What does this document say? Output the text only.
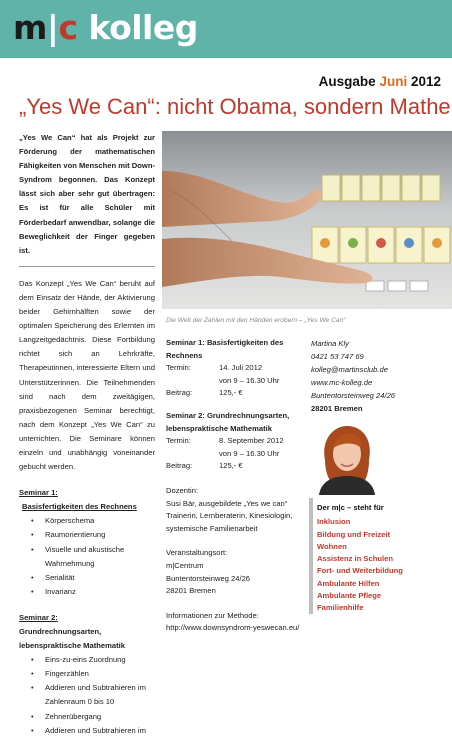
m|c kolleg
Ausgabe Juni 2012
„Yes We Can“: nicht Obama, sondern Mathe

„Yes We Can“ hat als Projekt zur Förderung der mathematischen Fähigkeiten von Menschen mit Down-Syndrom begonnen. Das Konzept lässt sich aber sehr gut übertragen: Es ist für alle Schüler mit Förderbedarf anwendbar, solange die Beweglichkeit der Finger gegeben ist.

Das Konzept „Yes We Can“ beruht auf dem Einsatz der Hände, der Aktivierung beider Gehirnhälften sowie der optimalen Speicherung des Erlernten im Langzeitgedächtnis. Diese Fortbildung richtet sich an Lehrkräfte, Therapeutinnen, interessierte Eltern und Unterstützerinnen. Die Teilnehmenden sind nach dem zweitägigen, praxisbezogenen Seminar berechtigt, nach dem Konzept „Yes We Can“ zu unterrichten. Die Seminare können einzeln und unabhängig voneinander gebucht werden.

Seminar 1:
Basisfertigkeiten des Rechnens
• Körperschema
• Raumorientierung
• Visuelle und akustische Wahrnehmung
• Serialität
• Invarianz
Seminar 2:
Grundrechnungsarten, lebenspraktische Mathematik
• Eins-zu-eins Zuordnung
• Fingerzählen
• Addieren und Subtrahieren im Zahlenraum 0 bis 10
• Zehnerübergang
• Addieren und Subtrahieren im
Die Welt der Zahlen mit den Händen erobern – „Yes We Can“
Seminar 1: Basisfertigkeiten des Rechnens
Termin:	14. Juli 2012
von 9 – 16.30 Uhr
Beitrag:	125,- €
Seminar 2: Grundrechnungsarten, lebenspraktische Mathematik
Termin:	8. September 2012
von 9 – 16.30 Uhr
Beitrag:	125,- €
Dozentin:
Susi Bär, ausgebildete „Yes we can“ Trainerin, Lernberaterin, Kinesiologin, systemische Familienarbeit
Veranstaltungsort:
m|Centrum
Buntentorsteinweg 24/26
28201 Bremen
Informationen zur Methode:
http://www.downsyndrom-yeswecan.eu/
Martina Kly
0421 53 747 69
kolleg@martinsclub.de
www.mc-kolleg.de
Buntentorsteinweg 24/26
28201 Bremen
Der m|c – steht für
Inklusion
Bildung und Freizeit
Wohnen
Assistenz in Schulen
Fort- und Weiterbildung
Ambulante Hilfen
Ambulante Pflege
Familienhilfe
